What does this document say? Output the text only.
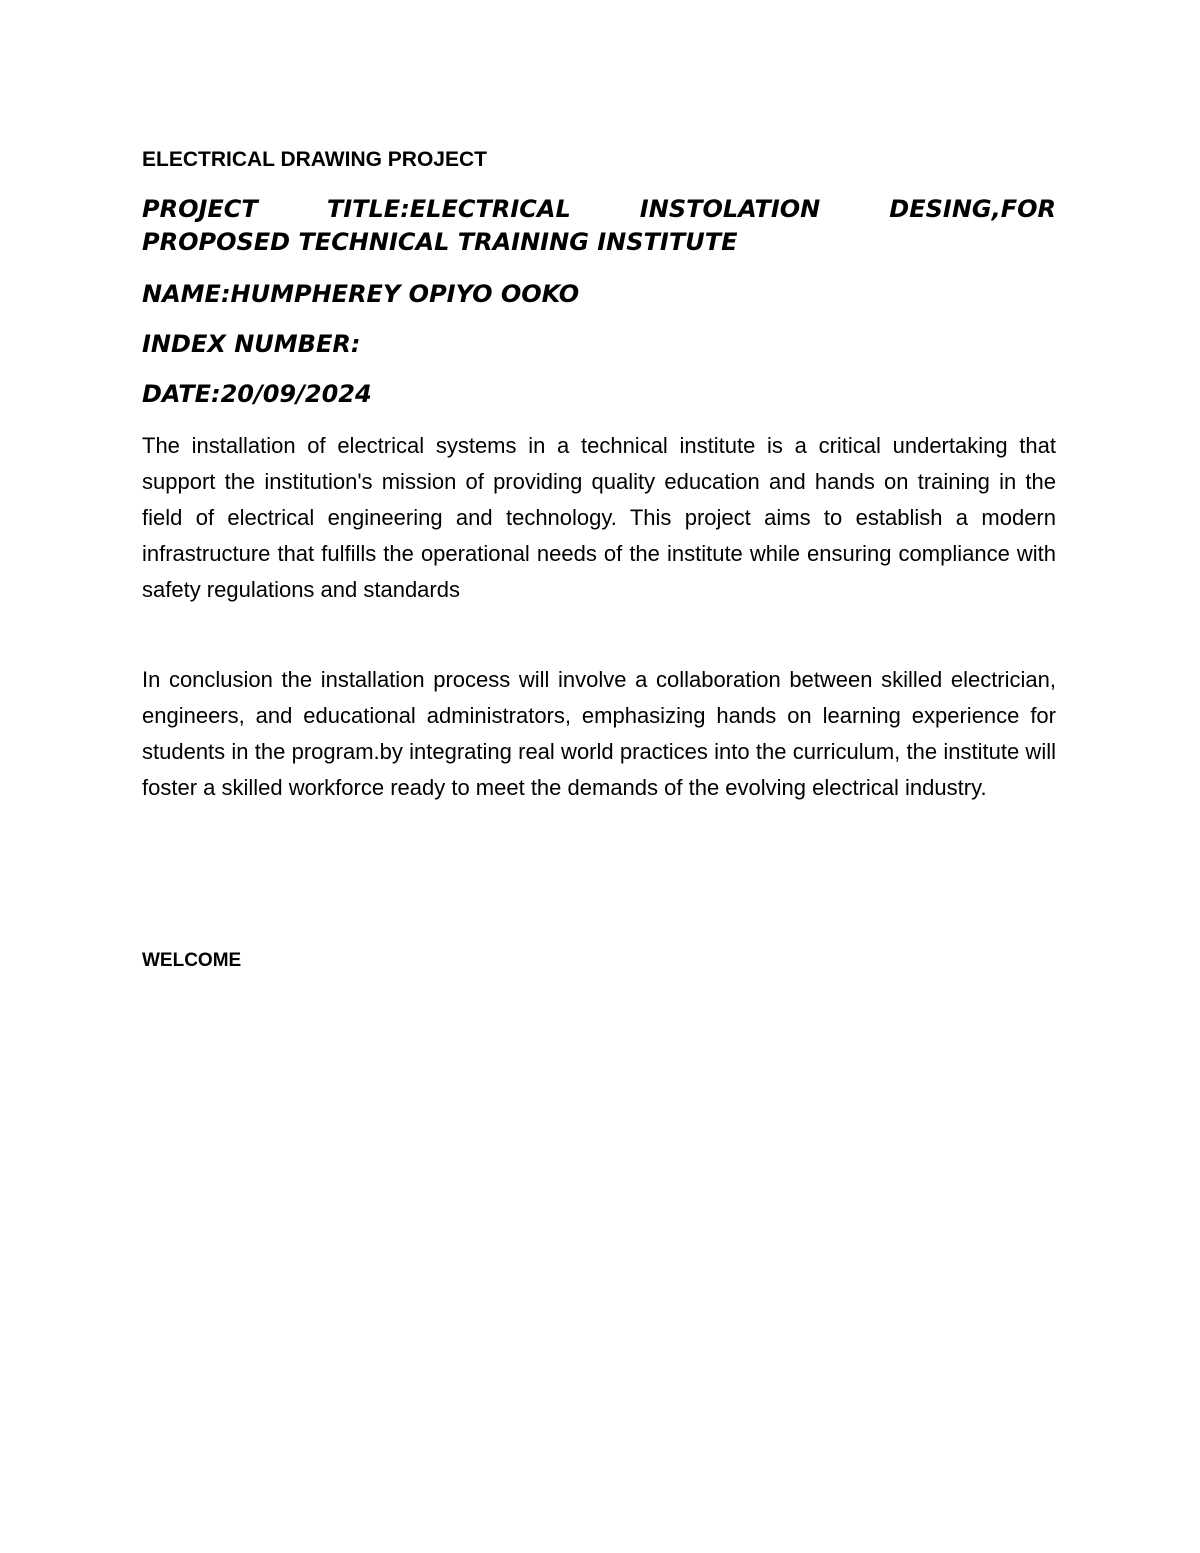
ELECTRICAL DRAWING PROJECT

PROJECT TITLE:ELECTRICAL INSTOLATION DESING,FOR
PROPOSED TECHNICAL TRAINING INSTITUTE

NAME:HUMPHEREY OPIYO OOKO

INDEX NUMBER:

DATE:20/09/2024

The installation of electrical systems in a technical institute is a critical undertaking that support the institution's mission of providing quality education and hands on training in the field of electrical engineering and technology. This project aims to establish a modern infrastructure that fulfills the operational needs of the institute while ensuring compliance with safety regulations and standards

In conclusion the installation process will involve a collaboration between skilled electrician, engineers, and educational administrators, emphasizing hands on learning experience for students in the program.by integrating real world practices into the curriculum, the institute will foster a skilled workforce ready to meet the demands of the evolving electrical industry.

WELCOME
